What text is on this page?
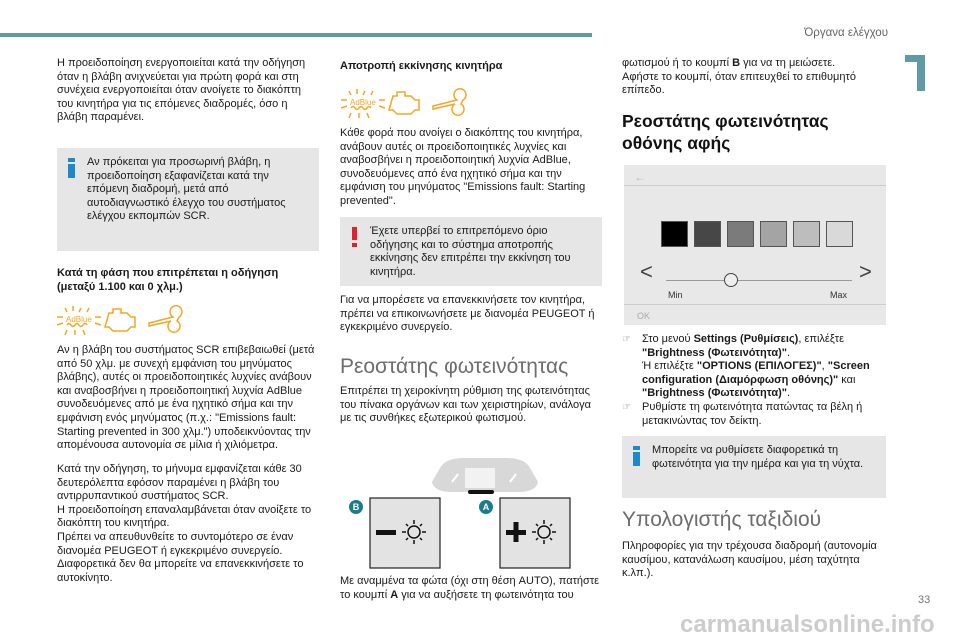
Όργανα ελέγχου

Η προειδοποίηση ενεργοποιείται κατά την οδήγηση όταν η βλάβη ανιχνεύεται για πρώτη φορά και στη συνέχεια ενεργοποιείται όταν ανοίγετε το διακόπτη του κινητήρα για τις επόμενες διαδρομές, όσο η βλάβη παραμένει.

Αν πρόκειται για προσωρινή βλάβη, η προειδοποίηση εξαφανίζεται κατά την επόμενη διαδρομή, μετά από αυτοδιαγνωστικό έλεγχο του συστήματος ελέγχου εκπομπών SCR.

Κατά τη φάση που επιτρέπεται η οδήγηση (μεταξύ 1.100 και 0 χλμ.)

AdBlue

Αν η βλάβη του συστήματος SCR επιβεβαιωθεί (μετά από 50 χλμ. με συνεχή εμφάνιση του μηνύματος βλάβης), αυτές οι προειδοποιητικές λυχνίες ανάβουν και αναβοσβήνει η προειδοποιητική λυχνία AdBlue συνοδευόμενες από με ένα ηχητικό σήμα και την εμφάνιση ενός μηνύματος (π.χ.: "Emissions fault: Starting prevented in 300 χλμ.") υποδεικνύοντας την απομένουσα αυτονομία σε μίλια ή χιλιόμετρα.

Κατά την οδήγηση, το μήνυμα εμφανίζεται κάθε 30 δευτερόλεπτα εφόσον παραμένει η βλάβη του αντιρρυπαντικού συστήματος SCR.

Η προειδοποίηση επαναλαμβάνεται όταν ανοίξετε το διακόπτη του κινητήρα.

Πρέπει να απευθυνθείτε το συντομότερο σε έναν διανομέα PEUGEOT ή εγκεκριμένο συνεργείο.

Διαφορετικά δεν θα μπορείτε να επανεκκινήσετε το αυτοκίνητο.

Αποτροπή εκκίνησης κινητήρα

AdBlue

Κάθε φορά που ανοίγει ο διακόπτης του κινητήρα, ανάβουν αυτές οι προειδοποιητικές λυχνίες και αναβοσβήνει η προειδοποιητική λυχνία AdBlue, συνοδευόμενες από ένα ηχητικό σήμα και την εμφάνιση του μηνύματος "Emissions fault: Starting prevented".

Έχετε υπερβεί το επιτρεπόμενο όριο οδήγησης και το σύστημα αποτροπής εκκίνησης δεν επιτρέπει την εκκίνηση του κινητήρα.

Για να μπορέσετε να επανεκκινήσετε τον κινητήρα, πρέπει να επικοινωνήσετε με διανομέα PEUGEOT ή εγκεκριμένο συνεργείο.

Ρεοστάτης φωτεινότητας

Επιτρέπει τη χειροκίνητη ρύθμιση της φωτεινότητας του πίνακα οργάνων και των χειριστηρίων, ανάλογα με τις συνθήκες εξωτερικού φωτισμού.

B	A

Με αναμμένα τα φώτα (όχι στη θέση AUTO), πατήστε το κουμπί A για να αυξήσετε τη φωτεινότητα του

φωτισμού ή το κουμπί B για να τη μειώσετε.

Αφήστε το κουμπί, όταν επιτευχθεί το επιθυμητό επίπεδο.

Ρεοστάτης φωτεινότητας οθόνης αφής

←
<	>
Min	Max
OK
☞ Στο μενού Settings (Ρυθμίσεις), επιλέξτε "Brightness (Φωτεινότητα)".
Ή επιλέξτε "OPTIONS (ΕΠΙΛΟΓΕΣ)", "Screen configuration (Διαμόρφωση οθόνης)" και "Brightness (Φωτεινότητα)".
☞ Ρυθμίστε τη φωτεινότητα πατώντας τα βέλη ή μετακινώντας τον δείκτη.

Μπορείτε να ρυθμίσετε διαφορετικά τη φωτεινότητα για την ημέρα και για τη νύχτα.

Υπολογιστής ταξιδιού

Πληροφορίες για την τρέχουσα διαδρομή (αυτονομία καυσίμου, κατανάλωση καυσίμου, μέση ταχύτητα κ.λπ.).

33
carmanualsonline.info
